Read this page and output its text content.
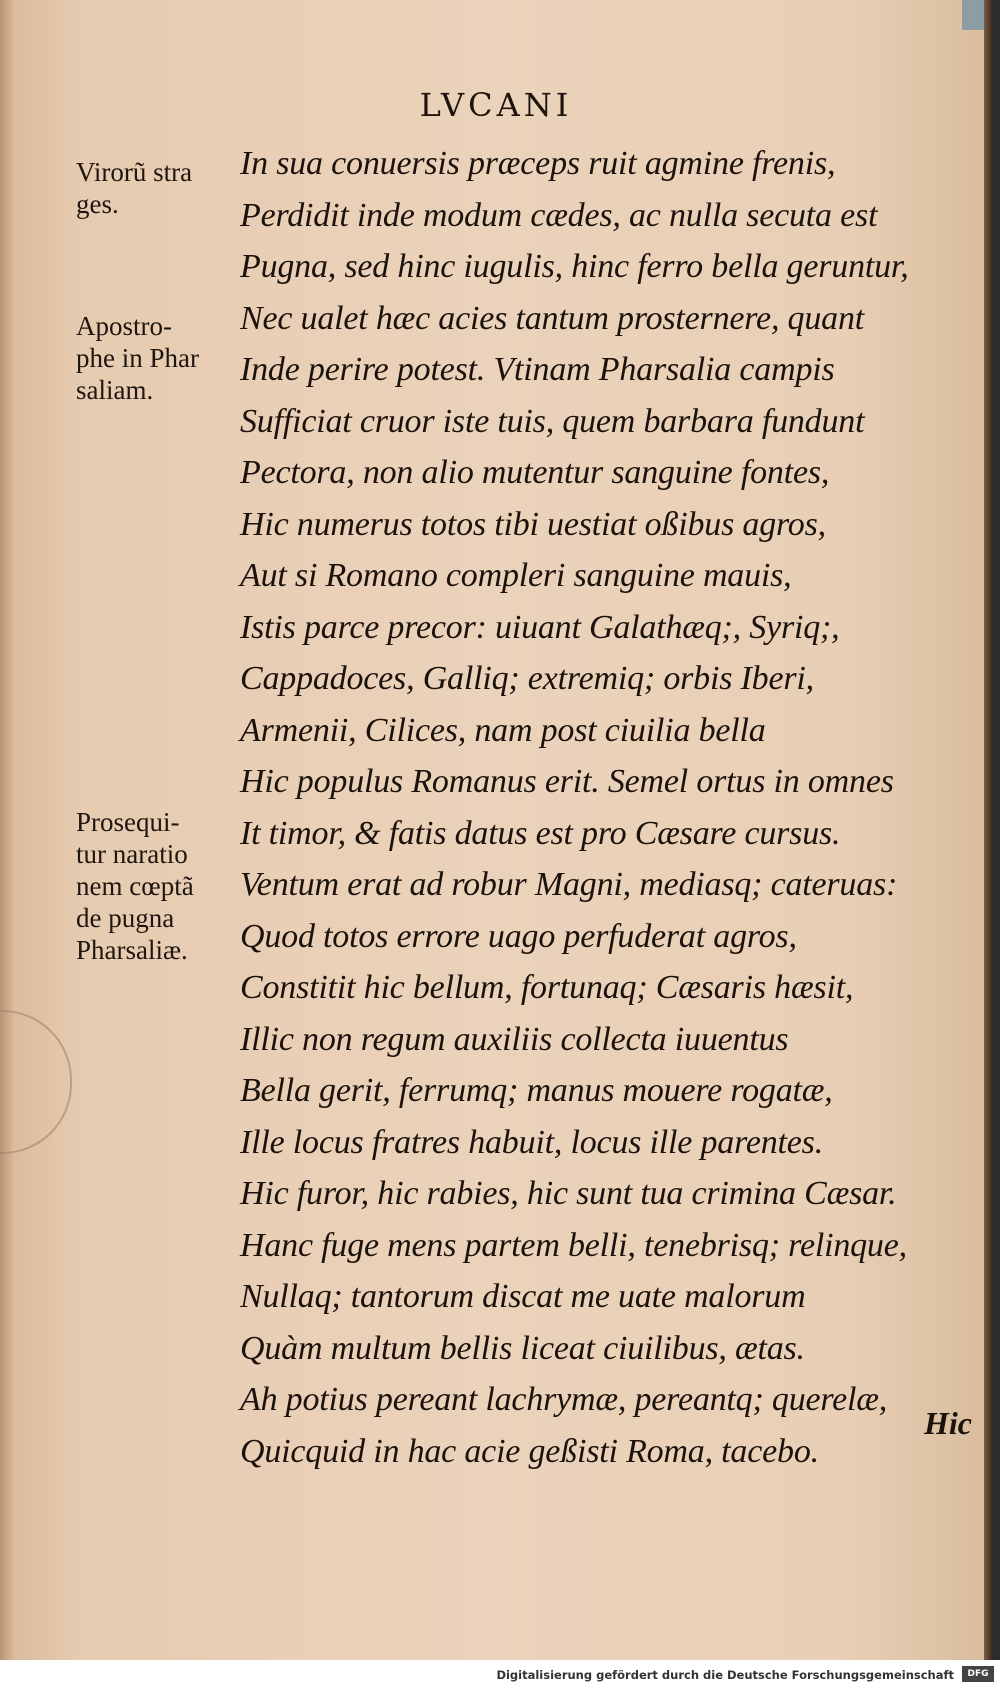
LVCANI
Virorũ stra
ges.
Apostro-
phe in Phar
saliam.
Prosequi-
tur naratio
nem cœptã
de pugna
Pharsaliæ.
In sua conuersis præceps ruit agmine frenis,
Perdidit inde modum cædes, ac nulla secuta est
Pugna, sed hinc iugulis, hinc ferro bella geruntur,
Nec ualet hæc acies tantum prosternere, quant
Inde perire potest. Vtinam Pharsalia campis
Sufficiat cruor iste tuis, quem barbara fundunt
Pectora, non alio mutentur sanguine fontes,
Hic numerus totos tibi uestiat oßibus agros,
Aut si Romano compleri sanguine mauis,
Istis parce precor: uiuant Galathæq;, Syriq;,
Cappadoces, Galliq; extremiq; orbis Iberi,
Armenii, Cilices, nam post ciuilia bella
Hic populus Romanus erit. Semel ortus in omnes
It timor, & fatis datus est pro Cæsare cursus.
Ventum erat ad robur Magni, mediasq; cateruas:
Quod totos errore uago perfuderat agros,
Constitit hic bellum, fortunaq; Cæsaris hæsit,
Illic non regum auxiliis collecta iuuentus
Bella gerit, ferrumq; manus mouere rogatæ,
Ille locus fratres habuit, locus ille parentes.
Hic furor, hic rabies, hic sunt tua crimina Cæsar.
Hanc fuge mens partem belli, tenebrisq; relinque,
Nullaq; tantorum discat me uate malorum
Quàm multum bellis liceat ciuilibus, ætas.
Ah potius pereant lachrymæ, pereantq; querelæ,
Quicquid in hac acie geßisti Roma, tacebo.
Hic
Digitalisierung gefördert durch die Deutsche Forschungsgemeinschaft	DFG
